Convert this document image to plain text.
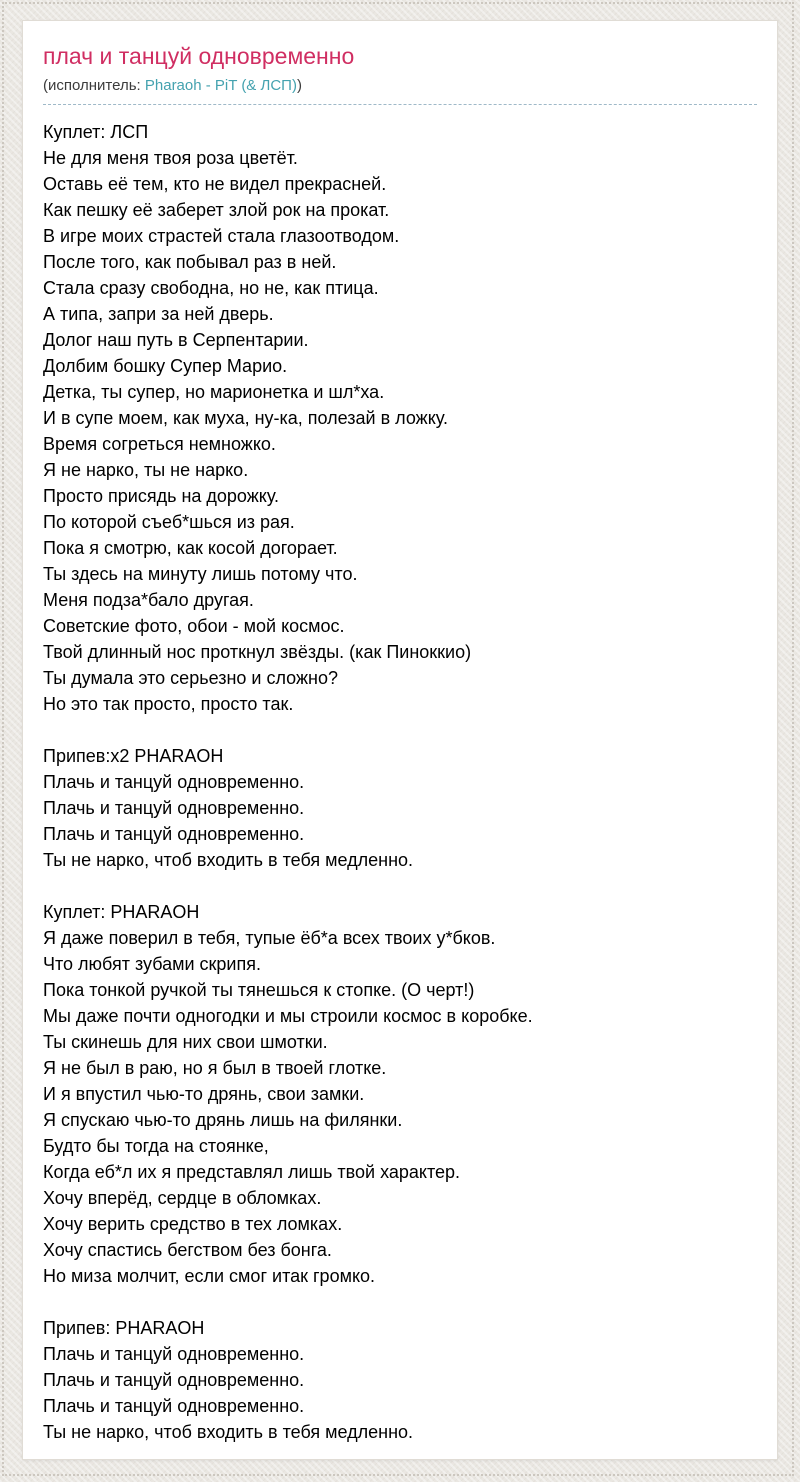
плач и танцуй одновременно
(исполнитель: Pharaoh - PiT (& ЛСП))
Куплет: ЛСП
Не для меня твоя роза цветёт.
Оставь её тем, кто не видел прекрасней.
Как пешку её заберет злой рок на прокат.
В игре моих страстей стала глазоотводом.
После того, как побывал раз в ней.
Стала сразу свободна, но не, как птица.
А типа, запри за ней дверь.
Долог наш путь в Серпентарии.
Долбим бошку Супер Марио.
Детка, ты супер, но марионетка и шл*ха.
И в супе моем, как муха, ну-ка, полезай в ложку.
Время согреться немножко.
Я не нарко, ты не нарко.
Просто присядь на дорожку.
По которой съеб*шься из рая.
Пока я смотрю, как косой догорает.
Ты здесь на минуту лишь потому что.
Меня подза*бало другая.
Советские фото, обои - мой космос.
Твой длинный нос проткнул звёзды. (как Пиноккио)
Ты думала это серьезно и сложно?
Но это так просто, просто так.
Припев:x2 PHARAOH
Плачь и танцуй одновременно.
Плачь и танцуй одновременно.
Плачь и танцуй одновременно.
Ты не нарко, чтоб входить в тебя медленно.
Куплет: PHARAOH
Я даже поверил в тебя, тупые ёб*а всех твоих у*бков.
Что любят зубами скрипя.
Пока тонкой ручкой ты тянешься к стопке. (О черт!)
Мы даже почти одногодки и мы строили космос в коробке.
Ты скинешь для них свои шмотки.
Я не был в раю, но я был в твоей глотке.
И я впустил чью-то дрянь, свои замки.
Я спускаю чью-то дрянь лишь на филянки.
Будто бы тогда на стоянке,
Когда еб*л их я представлял лишь твой характер.
Хочу вперёд, сердце в обломках.
Хочу верить средство в тех ломках.
Хочу спастись бегством без бонга.
Но миза молчит, если смог итак громко.
Припев: PHARAOH
Плачь и танцуй одновременно.
Плачь и танцуй одновременно.
Плачь и танцуй одновременно.
Ты не нарко, чтоб входить в тебя медленно.
